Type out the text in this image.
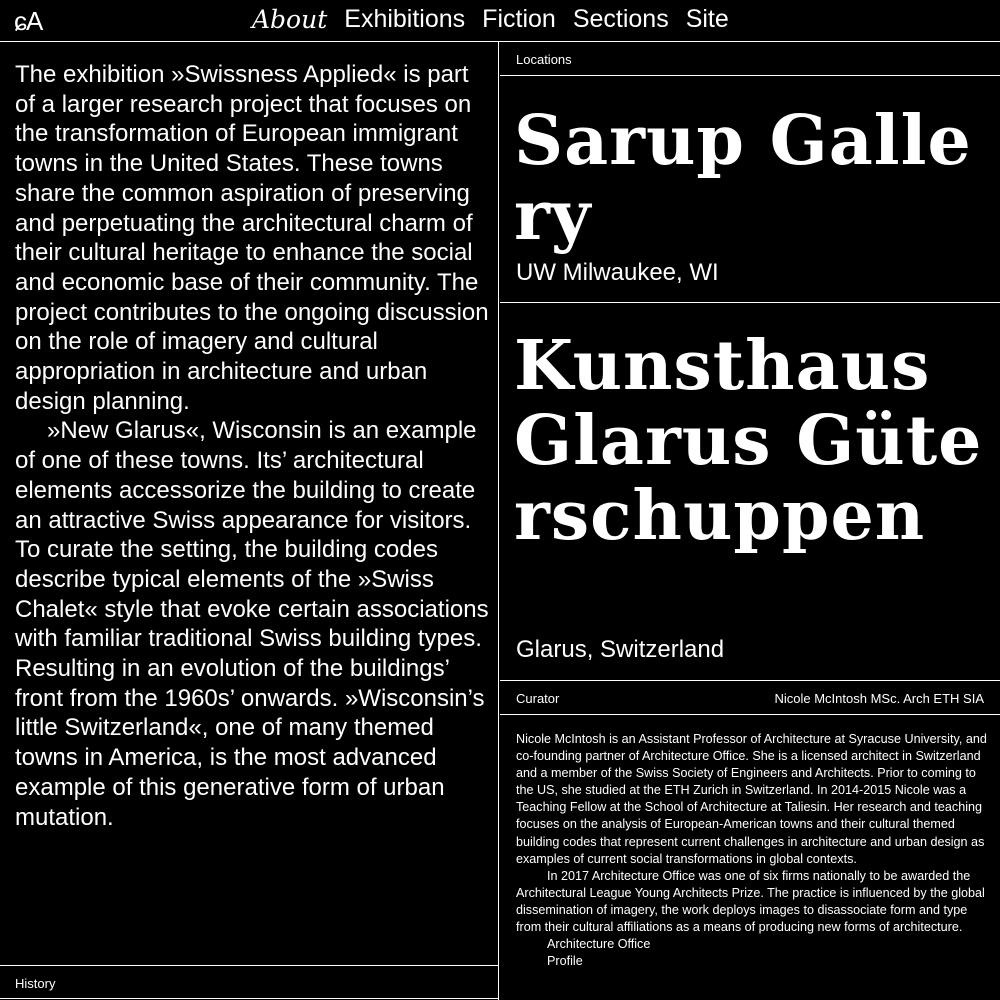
ɕA	About Exhibitions Fiction Sections Site

The exhibition »Swissness Applied« is part of a larger research project that focuses on the transformation of European immigrant towns in the United States. These towns share the common aspiration of preserving and perpetuating the architectural charm of their cultural heritage to enhance the social and economic base of their community. The project contributes to the ongoing discussion on the role of imagery and cultural appropriation in architecture and urban design planning.

»New Glarus«, Wisconsin is an example of one of these towns. Its’ architectural elements accessorize the building to create an attractive Swiss appearance for visitors. To curate the setting, the building codes describe typical elements of the »Swiss Chalet« style that evoke certain associations with familiar traditional Swiss building types. Resulting in an evolution of the buildings’ front from the 1960s’ onwards. »Wisconsin’s little Switzerland«, one of many themed towns in America, is the most advanced example of this generative form of urban mutation.

History
Locations
Sarup Gallery
UW Milwaukee, WI
Kunsthaus Glarus Güterschuppen
Glarus, Switzerland
Curator	Nicole McIntosh MSc. Arch ETH SIA

Nicole McIntosh is an Assistant Professor of Architecture at Syracuse University, and co-founding partner of Architecture Office. She is a licensed architect in Switzerland and a member of the Swiss Society of Engineers and Architects. Prior to coming to the US, she studied at the ETH Zurich in Switzerland. In 2014-2015 Nicole was a Teaching Fellow at the School of Architecture at Taliesin. Her research and teaching focuses on the analysis of European-American towns and their cultural themed building codes that represent current challenges in architecture and urban design as examples of current social transformations in global contexts.

In 2017 Architecture Office was one of six firms nationally to be awarded the Architectural League Young Architects Prize. The practice is influenced by the global dissemination of imagery, the work deploys images to disassociate form and type from their cultural affiliations as a means of producing new forms of architecture.

Architecture Office
Profile
